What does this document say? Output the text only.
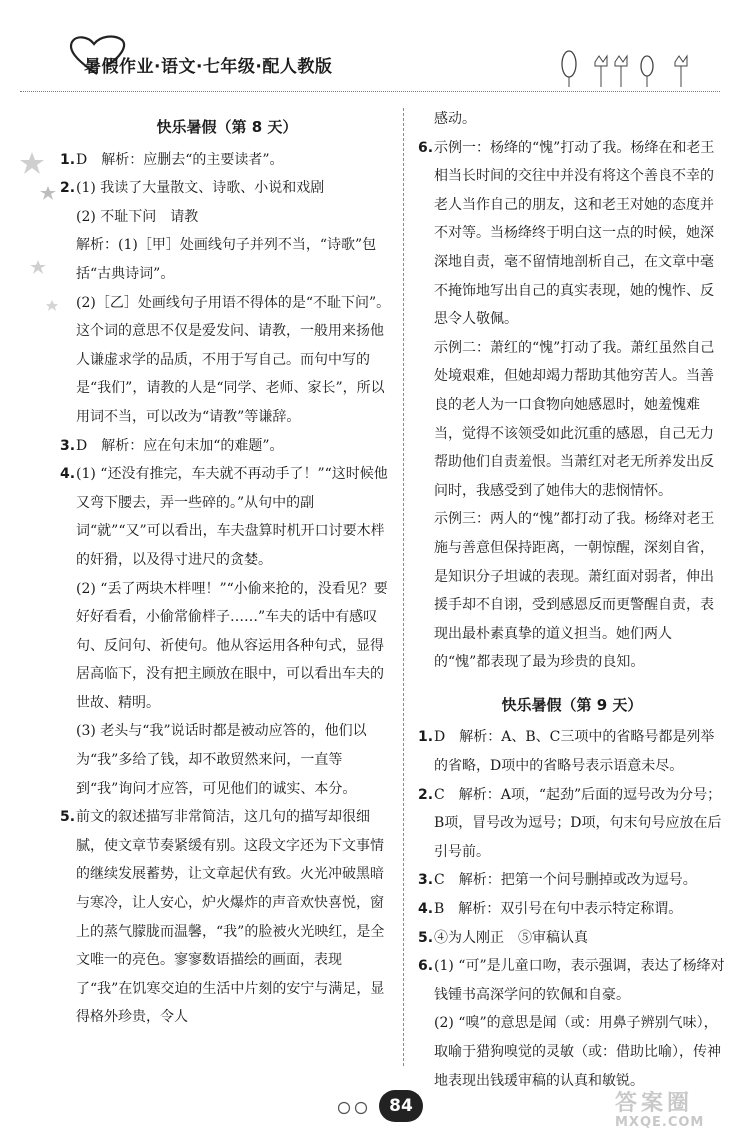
暑假作业·语文·七年级·配人教版
快乐暑假（第 8 天）

1.D　解析：应删去“的主要读者”。

2.(1) 我读了大量散文、诗歌、小说和戏剧

(2) 不耻下问　请教

解析：(1)［甲］处画线句子并列不当，“诗歌”包括“古典诗词”。

(2)［乙］处画线句子用语不得体的是“不耻下问”。这个词的意思不仅是爱发问、请教，一般用来扬他人谦虚求学的品质，不用于写自己。而句中写的是“我们”，请教的人是“同学、老师、家长”，所以用词不当，可以改为“请教”等谦辞。

3.D　解析：应在句末加“的难题”。

4.(1) “还没有推完，车夫就不再动手了！”“这时候他又弯下腰去，弄一些碎的。”从句中的副词“就”“又”可以看出，车夫盘算时机开口讨要木柈的奸猾，以及得寸进尺的贪婪。

(2) “丢了两块木柈哩！”“小偷来抢的，没看见？要好好看看，小偷常偷柈子……”车夫的话中有感叹句、反问句、祈使句。他从容运用各种句式，显得居高临下，没有把主顾放在眼中，可以看出车夫的世故、精明。

(3) 老头与“我”说话时都是被动应答的，他们以为“我”多给了钱，却不敢贸然来问，一直等到“我”询问才应答，可见他们的诚实、本分。

5.前文的叙述描写非常简洁，这几句的描写却很细腻，使文章节奏紧缓有别。这段文字还为下文事情的继续发展蓄势，让文章起伏有致。火光冲破黑暗与寒冷，让人安心，炉火爆炸的声音欢快喜悦，窗上的蒸气朦胧而温馨，“我”的脸被火光映红，是全文唯一的亮色。寥寥数语描绘的画面，表现了“我”在饥寒交迫的生活中片刻的安宁与满足，显得格外珍贵，令人

感动。

6.示例一：杨绛的“愧”打动了我。杨绛在和老王相当长时间的交往中并没有将这个善良不幸的老人当作自己的朋友，这和老王对她的态度并不对等。当杨绛终于明白这一点的时候，她深深地自责，毫不留情地剖析自己，在文章中毫不掩饰地写出自己的真实表现，她的愧怍、反思令人敬佩。

示例二：萧红的“愧”打动了我。萧红虽然自己处境艰难，但她却竭力帮助其他穷苦人。当善良的老人为一口食物向她感恩时，她羞愧难当，觉得不该领受如此沉重的感恩，自己无力帮助他们自责羞恨。当萧红对老无所养发出反问时，我感受到了她伟大的悲悯情怀。

示例三：两人的“愧”都打动了我。杨绛对老王施与善意但保持距离，一朝惊醒，深刻自省，是知识分子坦诚的表现。萧红面对弱者，伸出援手却不自诩，受到感恩反而更警醒自责，表现出最朴素真挚的道义担当。她们两人的“愧”都表现了最为珍贵的良知。

快乐暑假（第 9 天）

1.D　解析：A、B、C三项中的省略号都是列举的省略，D项中的省略号表示语意未尽。

2.C　解析：A项，“起劲”后面的逗号改为分号；B项，冒号改为逗号；D项，句末句号应放在后引号前。

3.C　解析：把第一个问号删掉或改为逗号。

4.B　解析：双引号在句中表示特定称谓。

5.④为人刚正　⑤审稿认真

6.(1) “可”是儿童口吻，表示强调，表达了杨绛对钱锺书高深学问的钦佩和自豪。

(2) “嗅”的意思是闻（或：用鼻子辨别气味），取喻于猎狗嗅觉的灵敏（或：借助比喻），传神地表现出钱瑗审稿的认真和敏锐。

84	答案圈
MXQE.COM
